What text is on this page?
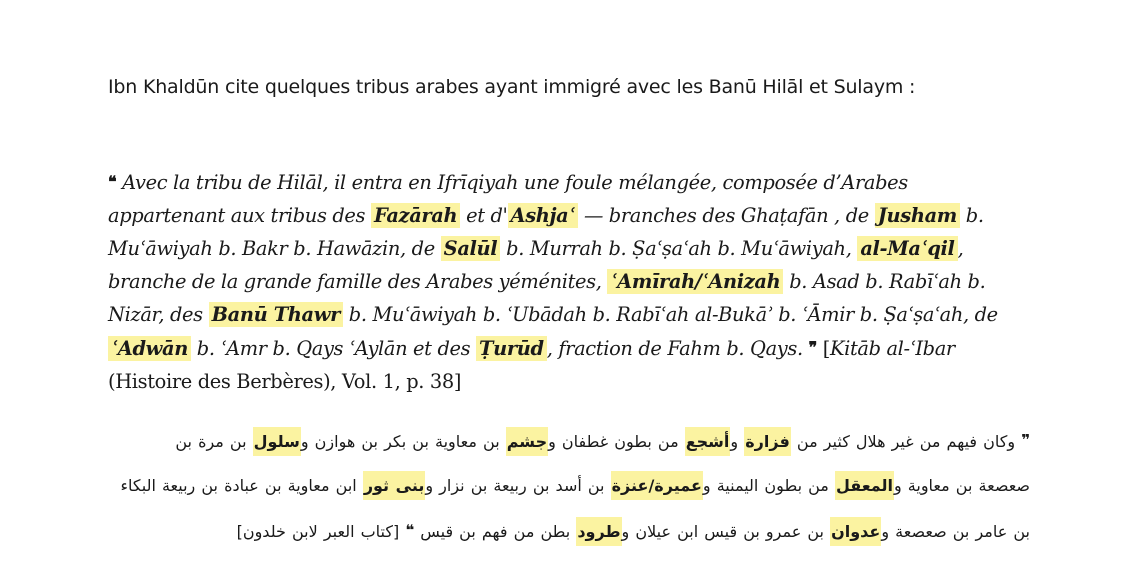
Ibn Khaldūn cite quelques tribus arabes ayant immigré avec les Banū Hilāl et Sulaym :

❝ Avec la tribu de Hilāl, il entra en Ifrīqiyah une foule mélangée, composée d’Arabes appartenant aux tribus des Fazārah et d' Ashjaʿ — branches des Ghaṭafān , de Jusham b. Muʿāwiyah b. Bakr b. Hawāzin, de Salūl b. Murrah b. Ṣaʿṣaʿah b. Muʿāwiyah, al-Maʿqil , branche de la grande famille des Arabes yéménites, ʿAmīrah/ʿAnizah b. Asad b. Rabīʿah b. Nizār, des Banū Thawr b. Muʿāwiyah b. ʿUbādah b. Rabīʿah al-Bukāʾ b. ʿĀmir b. Ṣaʿṣaʿah, de ʿAdwān b. ʿAmr b. Qays ʿAylān et des Ṭurūd , fraction de Fahm b. Qays. ❞ [Kitāb al-ʿIbar (Histoire des Berbères), Vol. 1, p. 38]

❞ وكان فيهم من غير هلال كثير من فزارة وأشجع من بطون غطفان وجشم بن معاوية بن بكر بن هوازن وسلول بن مرة بن صعصعة بن معاوية والمعقل من بطون اليمنية وعميرة/عنزة بن أسد بن ربيعة بن نزار وبنى ثور ابن معاوية بن عبادة بن ربيعة البكاء بن عامر بن صعصعة وعدوان بن عمرو بن قيس ابن عيلان وطرود بطن من فهم بن قيس ❝ [كتاب العبر لابن خلدون]
